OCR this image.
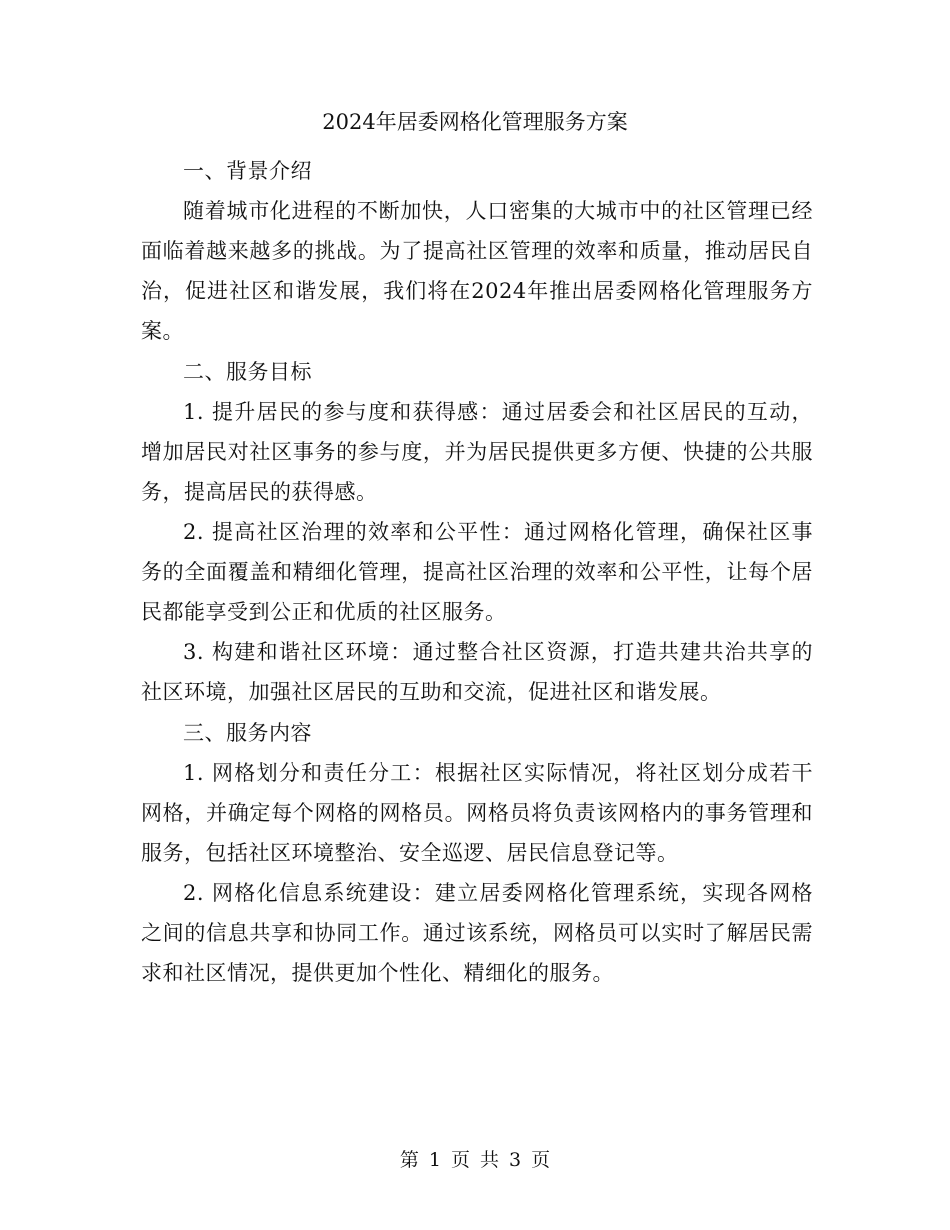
2024年居委网格化管理服务方案

一、背景介绍

随着城市化进程的不断加快，人口密集的大城市中的社区管理已经面临着越来越多的挑战。为了提高社区管理的效率和质量，推动居民自治，促进社区和谐发展，我们将在2024年推出居委网格化管理服务方案。

二、服务目标

1. 提升居民的参与度和获得感：通过居委会和社区居民的互动，增加居民对社区事务的参与度，并为居民提供更多方便、快捷的公共服务，提高居民的获得感。

2. 提高社区治理的效率和公平性：通过网格化管理，确保社区事务的全面覆盖和精细化管理，提高社区治理的效率和公平性，让每个居民都能享受到公正和优质的社区服务。

3. 构建和谐社区环境：通过整合社区资源，打造共建共治共享的社区环境，加强社区居民的互助和交流，促进社区和谐发展。

三、服务内容

1. 网格划分和责任分工：根据社区实际情况，将社区划分成若干网格，并确定每个网格的网格员。网格员将负责该网格内的事务管理和服务，包括社区环境整治、安全巡逻、居民信息登记等。

2. 网格化信息系统建设：建立居委网格化管理系统，实现各网格之间的信息共享和协同工作。通过该系统，网格员可以实时了解居民需求和社区情况，提供更加个性化、精细化的服务。

第 1 页 共 3 页
